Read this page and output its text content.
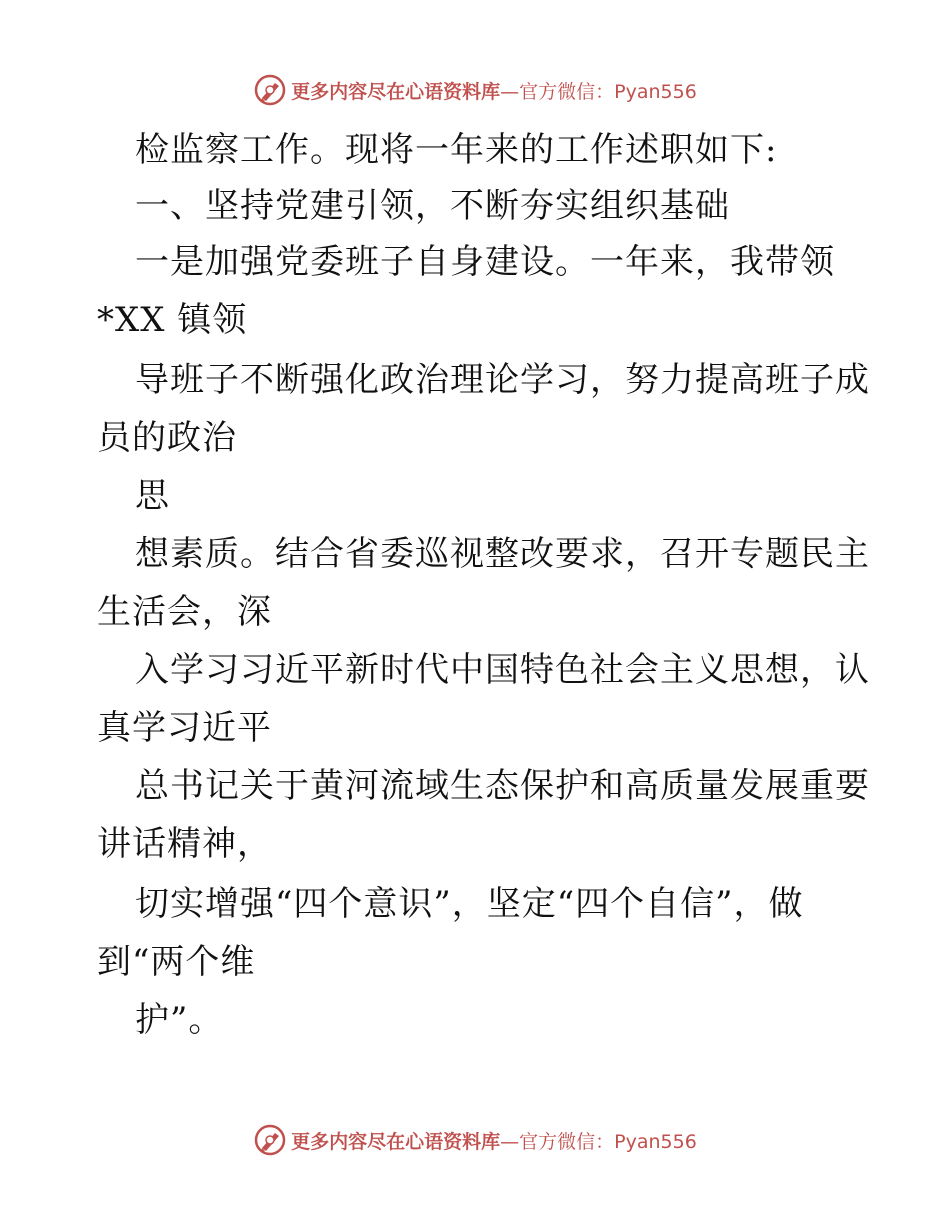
更多内容尽在心语资料库—官方微信：Pyan556
检监察工作。现将一年来的工作述职如下:
一、坚持党建引领，不断夯实组织基础
一是加强党委班子自身建设。一年来，我带领
*XX 镇领
导班子不断强化政治理论学习，努力提高班子成
员的政治
思
想素质。结合省委巡视整改要求，召开专题民主
生活会，深
入学习习近平新时代中国特色社会主义思想，认
真学习近平
总书记关于黄河流域生态保护和高质量发展重要
讲话精神，
切实增强“四个意识”，坚定“四个自信”，做
到“两个维
护”。
更多内容尽在心语资料库—官方微信：Pyan556
